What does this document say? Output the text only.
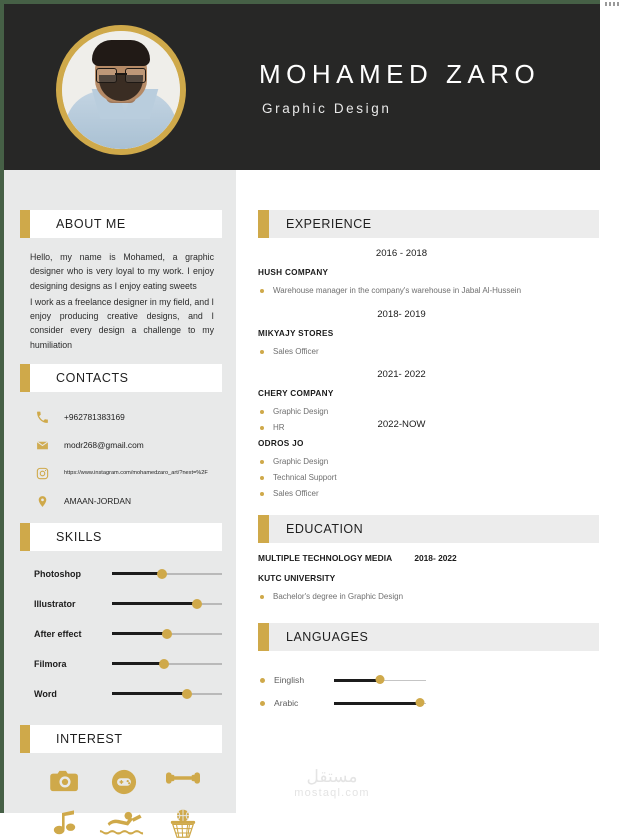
MOHAMED ZARO
Graphic Design
ABOUT ME

Hello, my name is Mohamed, a graphic designer who is very loyal to my work. I enjoy designing designs as I enjoy eating sweets

I work as a freelance designer in my field, and I enjoy producing creative designs, and I consider every design a challenge to my humiliation

CONTACTS
+962781383169
modr268@gmail.com
https://www.instagram.com/mohamedzaro_art/?next=%2F
AMAAN-JORDAN
SKILLS
Photoshop
Illustrator
After effect
Filmora
Word
INTEREST
EXPERIENCE
2016 - 2018
HUSH COMPANY
Warehouse manager in the company's warehouse in Jabal Al-Hussein
2018- 2019
MIKYAJY STORES
Sales Officer
2021- 2022
CHERY COMPANY
Graphic Design
HR	2022-NOW
ODROS JO
Graphic Design
Technical Support
Sales Officer
EDUCATION
MULTIPLE TECHNOLOGY MEDIA	2018- 2022
KUTC UNIVERSITY
Bachelor's degree in Graphic Design
LANGUAGES
Einglish
Arabic
مستقل
mostaql.com
